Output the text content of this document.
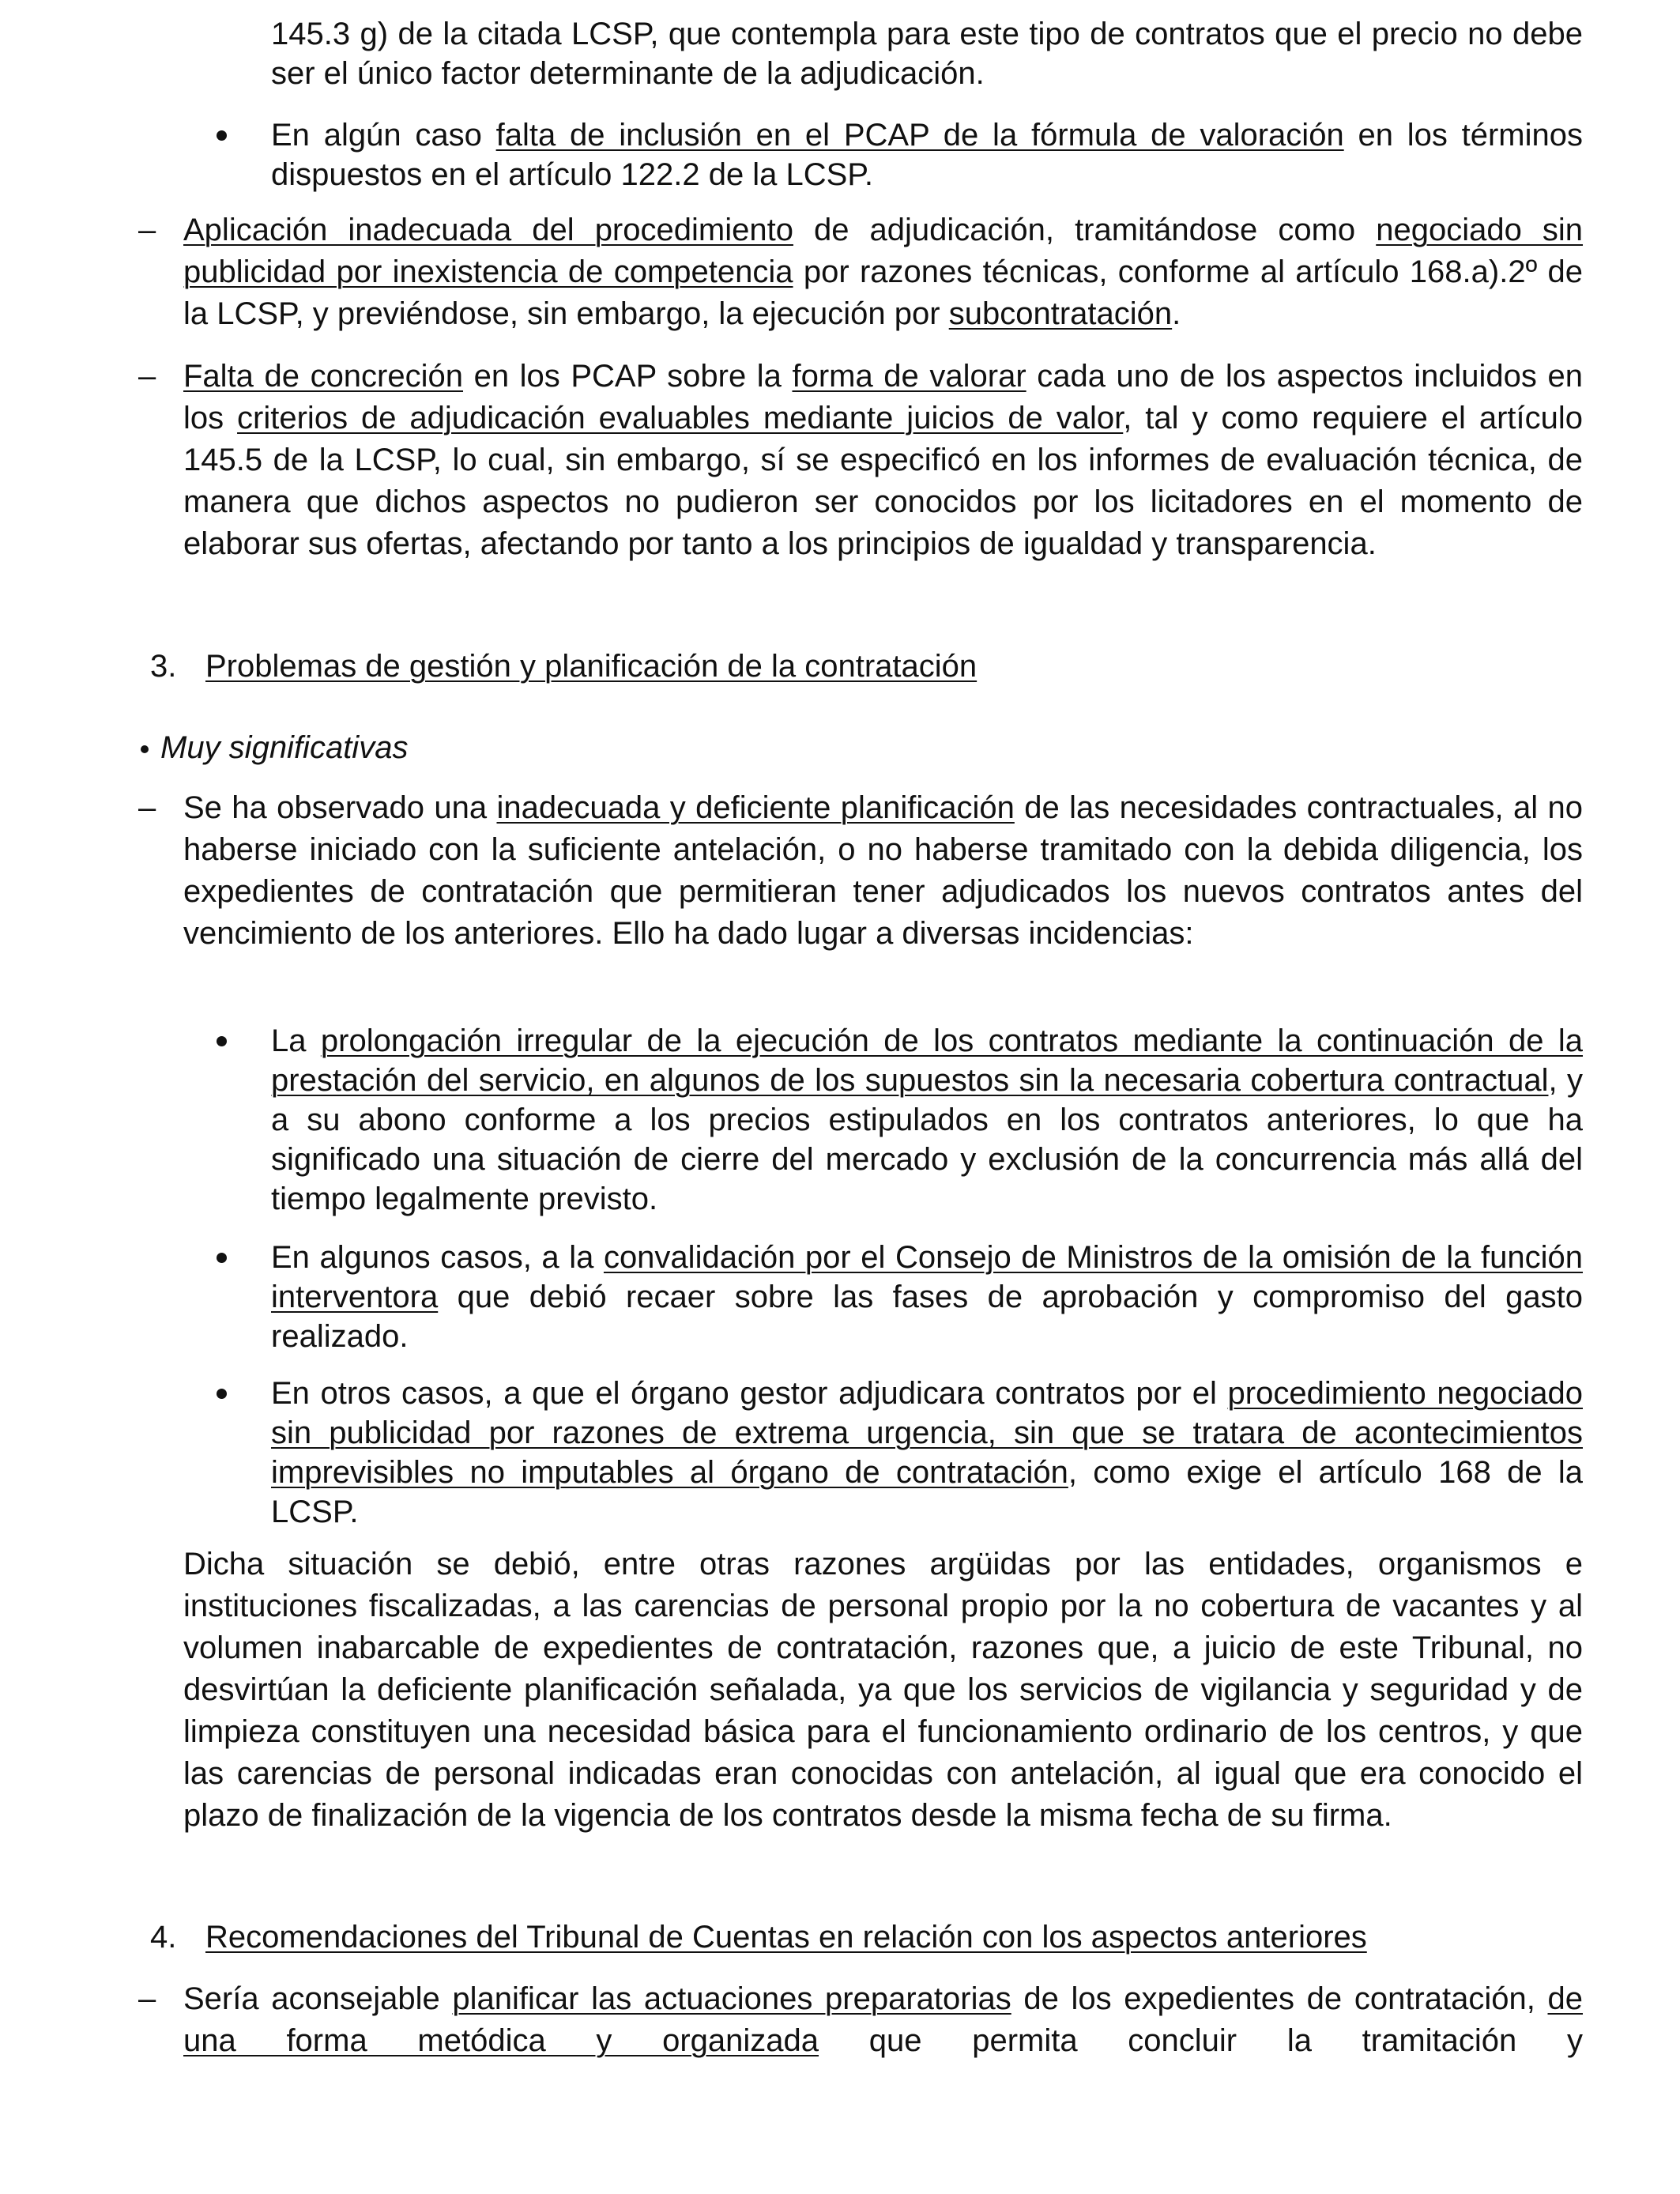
145.3 g) de la citada LCSP, que contempla para este tipo de contratos que el precio no debe ser el único factor determinante de la adjudicación.
En algún caso falta de inclusión en el PCAP de la fórmula de valoración en los términos dispuestos en el artículo 122.2 de la LCSP.
– Aplicación inadecuada del procedimiento de adjudicación, tramitándose como negociado sin publicidad por inexistencia de competencia por razones técnicas, conforme al artículo 168.a).2º de la LCSP, y previéndose, sin embargo, la ejecución por subcontratación.
– Falta de concreción en los PCAP sobre la forma de valorar cada uno de los aspectos incluidos en los criterios de adjudicación evaluables mediante juicios de valor, tal y como requiere el artículo 145.5 de la LCSP, lo cual, sin embargo, sí se especificó en los informes de evaluación técnica, de manera que dichos aspectos no pudieron ser conocidos por los licitadores en el momento de elaborar sus ofertas, afectando por tanto a los principios de igualdad y transparencia.
3. Problemas de gestión y planificación de la contratación
Muy significativas
– Se ha observado una inadecuada y deficiente planificación de las necesidades contractuales, al no haberse iniciado con la suficiente antelación, o no haberse tramitado con la debida diligencia, los expedientes de contratación que permitieran tener adjudicados los nuevos contratos antes del vencimiento de los anteriores. Ello ha dado lugar a diversas incidencias:
La prolongación irregular de la ejecución de los contratos mediante la continuación de la prestación del servicio, en algunos de los supuestos sin la necesaria cobertura contractual, y a su abono conforme a los precios estipulados en los contratos anteriores, lo que ha significado una situación de cierre del mercado y exclusión de la concurrencia más allá del tiempo legalmente previsto.
En algunos casos, a la convalidación por el Consejo de Ministros de la omisión de la función interventora que debió recaer sobre las fases de aprobación y compromiso del gasto realizado.
En otros casos, a que el órgano gestor adjudicara contratos por el procedimiento negociado sin publicidad por razones de extrema urgencia, sin que se tratara de acontecimientos imprevisibles no imputables al órgano de contratación, como exige el artículo 168 de la LCSP.
Dicha situación se debió, entre otras razones argüidas por las entidades, organismos e instituciones fiscalizadas, a las carencias de personal propio por la no cobertura de vacantes y al volumen inabarcable de expedientes de contratación, razones que, a juicio de este Tribunal, no desvirtúan la deficiente planificación señalada, ya que los servicios de vigilancia y seguridad y de limpieza constituyen una necesidad básica para el funcionamiento ordinario de los centros, y que las carencias de personal indicadas eran conocidas con antelación, al igual que era conocido el plazo de finalización de la vigencia de los contratos desde la misma fecha de su firma.
4. Recomendaciones del Tribunal de Cuentas en relación con los aspectos anteriores
– Sería aconsejable planificar las actuaciones preparatorias de los expedientes de contratación, de una forma metódica y organizada que permita concluir la tramitación y
